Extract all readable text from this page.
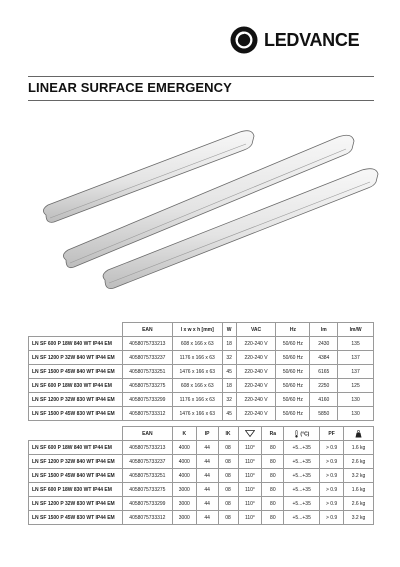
LEDVANCE
LINEAR SURFACE EMERGENCY
	EAN	l x w x h [mm]	W	VAC	Hz	lm	lm/W
LN SF 600 P 18W 840 WT IP44 EM	4058075733213	608 x 166 x 63	18	220-240 V	50/60 Hz	2430	135
LN SF 1200 P 32W 840 WT IP44 EM	4058075733237	1176 x 166 x 63	32	220-240 V	50/60 Hz	4384	137
LN SF 1500 P 45W 840 WT IP44 EM	4058075733251	1476 x 166 x 63	45	220-240 V	50/60 Hz	6165	137
LN SF 600 P 18W 830 WT IP44 EM	4058075733275	608 x 166 x 63	18	220-240 V	50/60 Hz	2250	125
LN SF 1200 P 32W 830 WT IP44 EM	4058075733299	1176 x 166 x 63	32	220-240 V	50/60 Hz	4160	130
LN SF 1500 P 45W 830 WT IP44 EM	4058075733312	1476 x 166 x 63	45	220-240 V	50/60 Hz	5850	130
	EAN	K	IP	IK		Ra	(°C)	PF	

LN SF 600 P 18W 840 WT IP44 EM	4058075733213	4000	44	08	110°	80	+5...+35	> 0.9	1.6 kg
LN SF 1200 P 32W 840 WT IP44 EM	4058075733237	4000	44	08	110°	80	+5...+35	> 0.9	2.6 kg
LN SF 1500 P 45W 840 WT IP44 EM	4058075733251	4000	44	08	110°	80	+5...+35	> 0.9	3.2 kg
LN SF 600 P 18W 830 WT IP44 EM	4058075733275	3000	44	08	110°	80	+5...+35	> 0.9	1.6 kg
LN SF 1200 P 32W 830 WT IP44 EM	4058075733299	3000	44	08	110°	80	+5...+35	> 0.9	2.6 kg
LN SF 1500 P 45W 830 WT IP44 EM	4058075733312	3000	44	08	110°	80	+5...+35	> 0.9	3.2 kg
